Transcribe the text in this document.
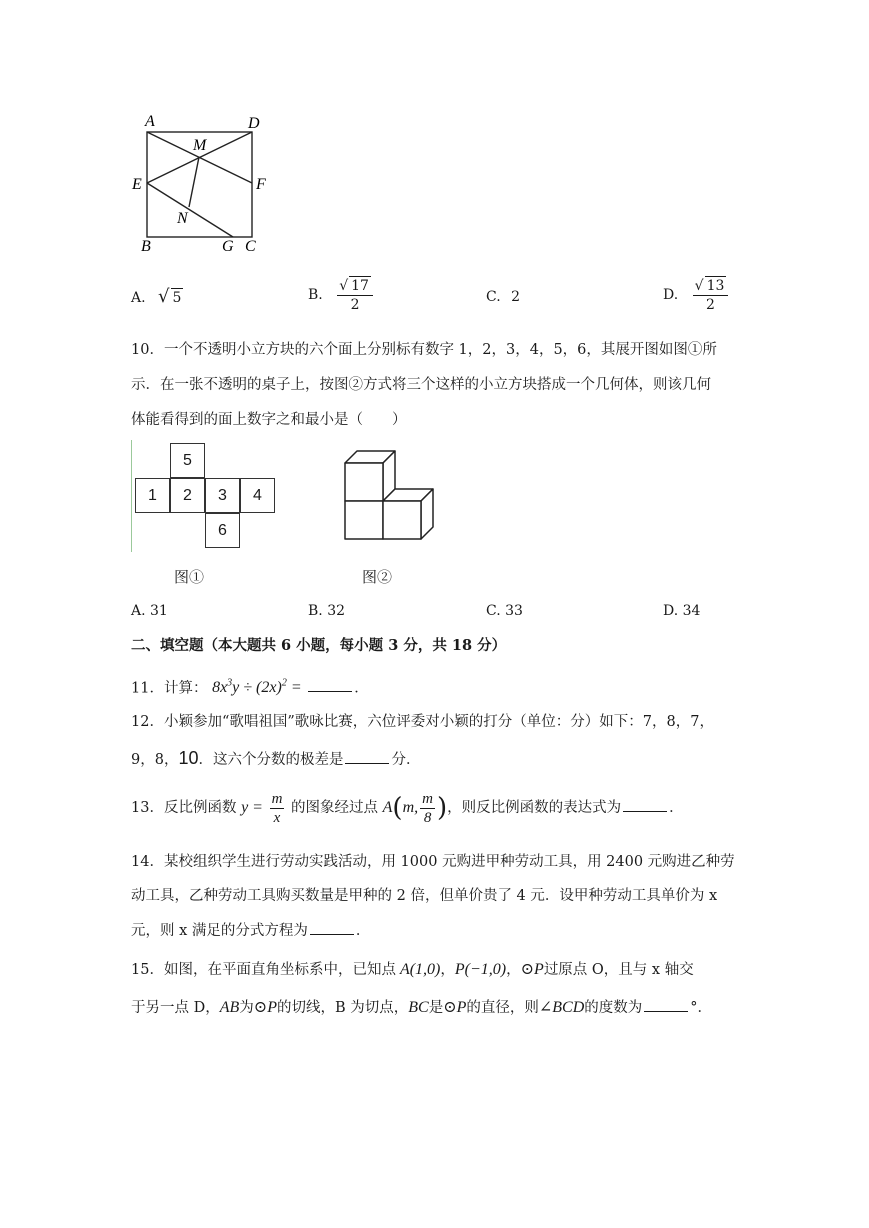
A	D
M
E	F
N
B	G C
A. √ 5	B. $\frac{√ 17}{2}$	C. 2	D. $\frac{√ 13}{2}$
10．一个不透明小立方块的六个面上分别标有数字 1，2，3，4，5，6，其展开图如图①所
示．在一张不透明的桌子上，按图②方式将三个这样的小立方块搭成一个几何体，则该几何
体能看得到的面上数字之和最小是（　　）
5
1	2	3	4
6
图①	图②
A. 31	B. 32	C. 33	D. 34
二、填空题（本大题共 6 小题，每小题 3 分，共 18 分）
11．计算： $8x^3y \div (2x)^2$ =	．
12．小颖参加“歌唱祖国”歌咏比赛，六位评委对小颖的打分（单位：分）如下：7，8，7，
9，8，10．这六个分数的极差是	分．
13．反比例函数 $y = \frac{m}{x}$ 的图象经过点 A(m, $\frac{m}{8}$ )，则反比例函数的表达式为	．
14．某校组织学生进行劳动实践活动，用 1000 元购进甲种劳动工具，用 2400 元购进乙种劳
动工具，乙种劳动工具购买数量是甲种的 2 倍，但单价贵了 4 元．设甲种劳动工具单价为 x
元，则 x 满足的分式方程为	．
15．如图，在平面直角坐标系中，已知点 A(1,0)，P(−1,0)，⊙P过原点 O，且与 x 轴交
于另一点 D，AB为⊙P的切线，B 为切点，BC是⊙P的直径，则∠BCD的度数为	°．
